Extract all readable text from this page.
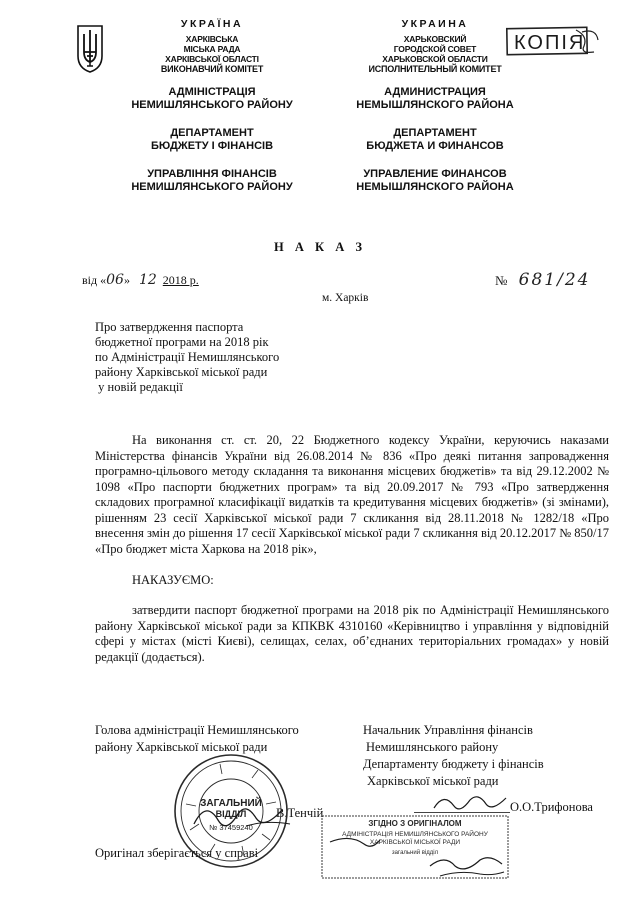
УКРАЇНА
ХАРКІВСЬКА
МІСЬКА РАДА
ХАРКІВСЬКОЇ ОБЛАСТІ
ВИКОНАВЧИЙ КОМІТЕТ
АДМІНІСТРАЦІЯ
НЕМИШЛЯНСЬКОГО РАЙОНУ
ДЕПАРТАМЕНТ
БЮДЖЕТУ І ФІНАНСІВ
УПРАВЛІННЯ ФІНАНСІВ
НЕМИШЛЯНСЬКОГО РАЙОНУ
УКРАИНА
ХАРЬКОВСКИЙ
ГОРОДСКОЙ СОВЕТ
ХАРЬКОВСКОЙ ОБЛАСТИ
ИСПОЛНИТЕЛЬНЫЙ КОМИТЕТ
АДМИНИСТРАЦИЯ
НЕМЫШЛЯНСКОГО РАЙОНА
ДЕПАРТАМЕНТ
БЮДЖЕТА И ФИНАНСОВ
УПРАВЛЕНИЕ ФИНАНСОВ
НЕМЫШЛЯНСКОГО РАЙОНА
КОПІЯ
Н А К А З
від «06» 12 2018 р.	№ 681/24
м. Харків
Про затвердження паспорта
бюджетної програми на 2018 рік
по Адміністрації Немишлянського
району Харківської міської ради
у новій редакції
На виконання ст. ст. 20, 22 Бюджетного кодексу України, керуючись наказами Міністерства фінансів України від 26.08.2014 № 836 «Про деякі питання запровадження програмно-цільового методу складання та виконання місцевих бюджетів» та від 29.12.2002 № 1098 «Про паспорти бюджетних програм» та від 20.09.2017 № 793 «Про затвердження складових програмної класифікації видатків та кредитування місцевих бюджетів» (зі змінами), рішенням 23 сесії Харківської міської ради 7 скликання від 28.11.2018 № 1282/18 «Про внесення змін до рішення 17 сесії Харківської міської ради 7 скликання від 20.12.2017 № 850/17 «Про бюджет міста Харкова на 2018 рік»,
НАКАЗУЄМО:
затвердити паспорт бюджетної програми на 2018 рік по Адміністрації Немишлянського району Харківської міської ради за КПКВК 4310160 «Керівництво і управління у відповідній сфері у містах (місті Києві), селищах, селах, об’єднаних територіальних громадах» у новій редакції (додається).
Голова адміністрації Немишлянського
району Харківської міської ради
Начальник Управління фінансів
Немишлянського району
Департаменту бюджету і фінансів
Харківської міської ради
В.Тенчій	О.О.Трифонова
Оригінал зберігається у справі
ЗАГАЛЬНИЙ
ВІДДІЛ
№ 37459240	ЗГІДНО З ОРИГІНАЛОМ
АДМІНІСТРАЦІЯ НЕМИШЛЯНСЬКОГО РАЙОНУ
ХАРКІВСЬКОЇ МІСЬКОЇ РАДИ
загальний відділ
